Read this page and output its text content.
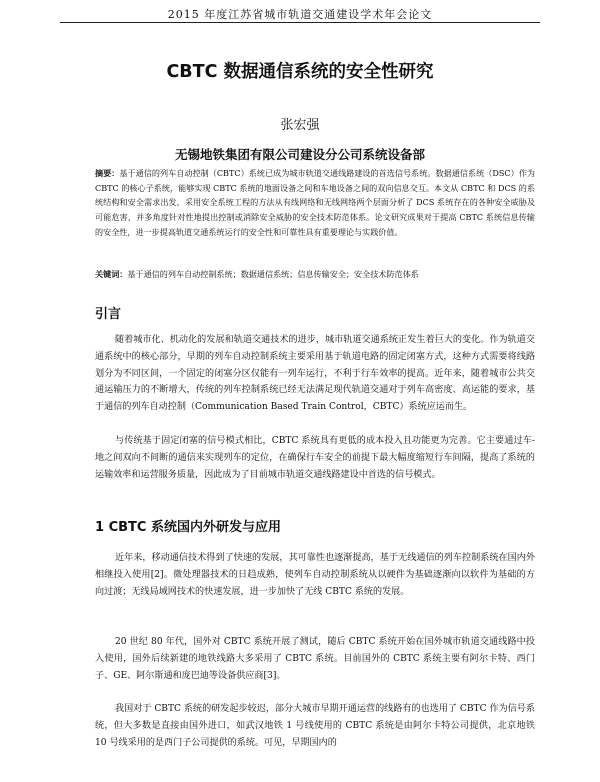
2015 年度江苏省城市轨道交通建设学术年会论文
CBTC 数据通信系统的安全性研究
张宏强
无锡地铁集团有限公司建设分公司系统设备部

摘要：基于通信的列车自动控制（CBTC）系统已成为城市轨道交通线路建设的首选信号系统。数据通信系统（DSC）作为 CBTC 的核心子系统，能够实现 CBTC 系统的地面设备之间和车地设备之间的双向信息交互。本文从 CBTC 和 DCS 的系统结构和安全需求出发，采用安全系统工程的方法从有线网络和无线网络两个层面分析了 DCS 系统存在的各种安全威胁及可能危害，并多角度针对性地提出控制或消除安全威胁的安全技术防范体系。论文研究成果对于提高 CBTC 系统信息传输的安全性，进一步提高轨道交通系统运行的安全性和可靠性具有重要理论与实践价值。

关键词：基于通信的列车自动控制系统；数据通信系统；信息传输安全；安全技术防范体系

引言

随着城市化、机动化的发展和轨道交通技术的进步，城市轨道交通系统正发生着巨大的变化。作为轨道交通系统中的核心部分，早期的列车自动控制系统主要采用基于轨道电路的固定闭塞方式，这种方式需要将线路划分为不同区间，一个固定的闭塞分区仅能有一列车运行，不利于行车效率的提高。近年来，随着城市公共交通运输压力的不断增大，传统的列车控制系统已经无法满足现代轨道交通对于列车高密度、高运能的要求，基于通信的列车自动控制（Communication Based Train Control，CBTC）系统应运而生。

与传统基于固定闭塞的信号模式相比，CBTC 系统具有更低的成本投入且功能更为完善。它主要通过车-地之间双向不间断的通信来实现列车的定位，在确保行车安全的前提下最大幅度缩短行车间隔，提高了系统的运输效率和运营服务质量，因此成为了目前城市轨道交通线路建设中首选的信号模式。

1 CBTC 系统国内外研发与应用

近年来，移动通信技术得到了快速的发展，其可靠性也逐渐提高，基于无线通信的列车控制系统在国内外相继投入使用[2]。微处理器技术的日趋成熟，使列车自动控制系统从以硬件为基础逐渐向以软件为基础的方向过渡；无线局域网技术的快速发展，进一步加快了无线 CBTC 系统的发展。

20 世纪 80 年代，国外对 CBTC 系统开展了测试，随后 CBTC 系统开始在国外城市轨道交通线路中投入使用，国外后续新建的地铁线路大多采用了 CBTC 系统。目前国外的 CBTC 系统主要有阿尔卡特、西门子、GE、阿尔斯通和庞巴迪等设备供应商[3]。

我国对于 CBTC 系统的研发起步较迟，部分大城市早期开通运营的线路有的也选用了 CBTC 作为信号系统，但大多数是直接由国外进口，如武汉地铁 1 号线使用的 CBTC 系统是由阿尔卡特公司提供，北京地铁 10 号线采用的是西门子公司提供的系统。可见，早期国内的
